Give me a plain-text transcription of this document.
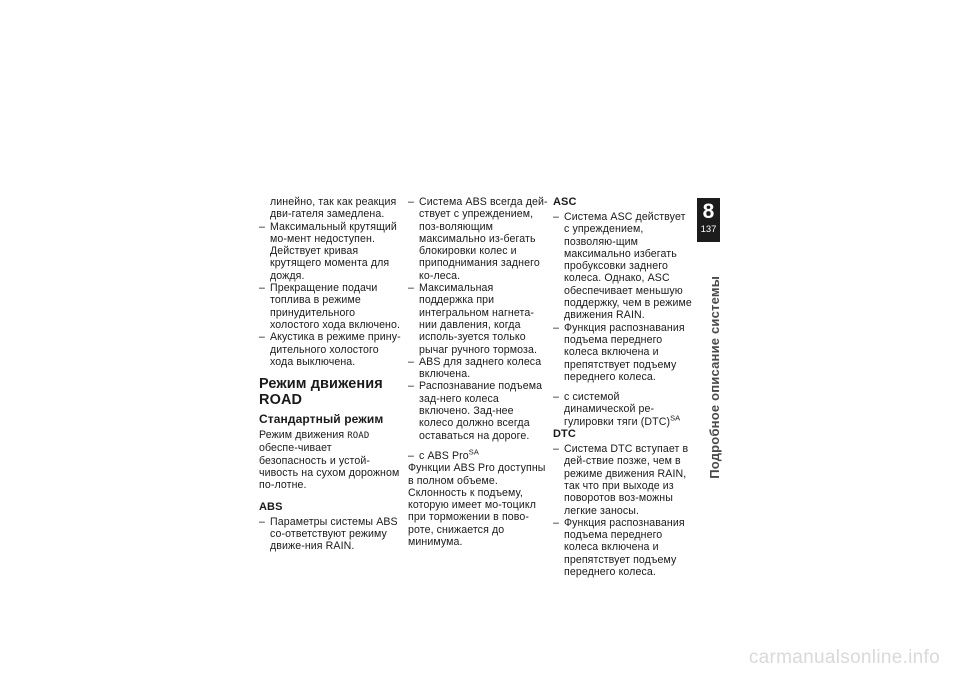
линейно, так как реакция дви-гателя замедлена.

– Максимальный крутящий мо-мент недоступен. Действует кривая крутящего момента для дождя.

– Прекращение подачи топлива в режиме принудительного холостого хода включено.

– Акустика в режиме прину-дительного холостого хода выключена.

Режим движения ROAD
Стандартный режим

Режим движения ROAD обеспе-чивает безопасность и устой-чивость на сухом дорожном по-лотне.

ABS

– Параметры системы ABS со-ответствуют режиму движе-ния RAIN.

– Система ABS всегда дей-ствует с упреждением, поз-воляющим максимально из-бегать блокировки колес и приподнимания заднего ко-леса.

– Максимальная поддержка при интегральном нагнета-нии давления, когда исполь-зуется только рычаг ручного тормоза.

– ABS для заднего колеса включена.

– Распознавание подъема зад-него колеса включено. Зад-нее колесо должно всегда оставаться на дороге.

– с ABS Pro$^{SA}$

Функции ABS Pro доступны в полном объеме. Склонность к подъему, которую имеет мо-тоцикл при торможении в пово-роте, снижается до минимума.

ASC

– Система ASC действует с упреждением, позволяю-щим максимально избегать пробуксовки заднего колеса. Однако, ASC обеспечивает меньшую поддержку, чем в режиме движения RAIN.

– Функция распознавания подъема переднего колеса включена и препятствует подъему переднего колеса.

– с системой динамической ре-гулировки тяги (DTC)$^{SA}$

DTC

– Система DTC вступает в дей-ствие позже, чем в режиме движения RAIN, так что при выходе из поворотов воз-можны легкие заносы.

– Функция распознавания подъема переднего колеса включена и препятствует подъему переднего колеса.

8
137
Подробное описание системы
carmanualsonline.info
